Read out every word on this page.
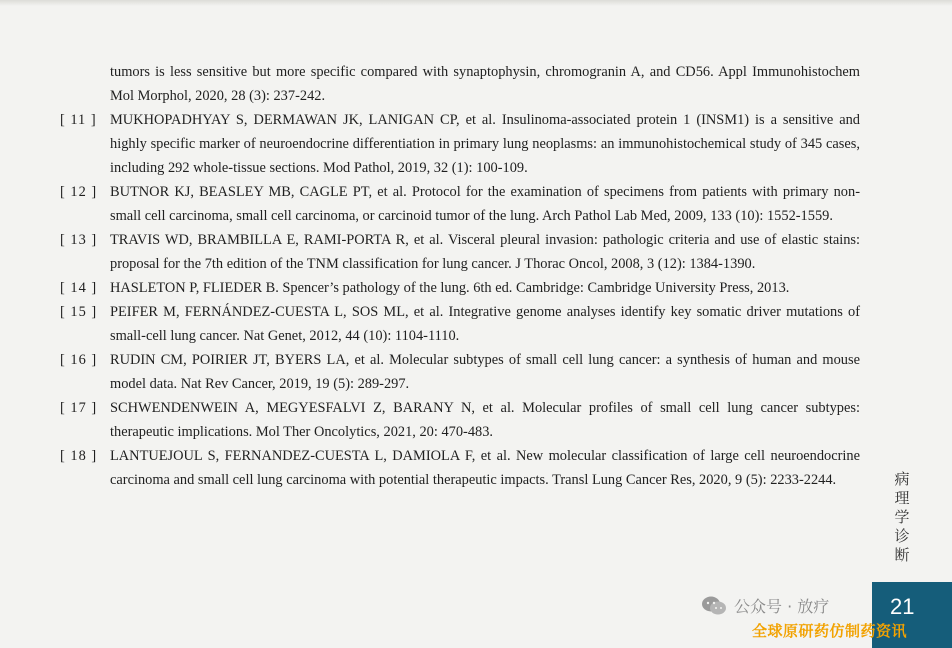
tumors is less sensitive but more specific compared with synaptophysin, chromogranin A, and CD56. Appl Immunohistochem Mol Morphol, 2020, 28 (3): 237-242.
[ 11 ] MUKHOPADHYAY S, DERMAWAN JK, LANIGAN CP, et al. Insulinoma-associated protein 1 (INSM1) is a sensitive and highly specific marker of neuroendocrine differentiation in primary lung neoplasms: an immunohistochemical study of 345 cases, including 292 whole-tissue sections. Mod Pathol, 2019, 32 (1): 100-109.
[ 12 ] BUTNOR KJ, BEASLEY MB, CAGLE PT, et al. Protocol for the examination of specimens from patients with primary non-small cell carcinoma, small cell carcinoma, or carcinoid tumor of the lung. Arch Pathol Lab Med, 2009, 133 (10): 1552-1559.
[ 13 ] TRAVIS WD, BRAMBILLA E, RAMI-PORTA R, et al. Visceral pleural invasion: pathologic criteria and use of elastic stains: proposal for the 7th edition of the TNM classification for lung cancer. J Thorac Oncol, 2008, 3 (12): 1384-1390.
[ 14 ] HASLETON P, FLIEDER B. Spencer’s pathology of the lung. 6th ed. Cambridge: Cambridge University Press, 2013.
[ 15 ] PEIFER M, FERNÁNDEZ-CUESTA L, SOS ML, et al. Integrative genome analyses identify key somatic driver mutations of small-cell lung cancer. Nat Genet, 2012, 44 (10): 1104-1110.
[ 16 ] RUDIN CM, POIRIER JT, BYERS LA, et al. Molecular subtypes of small cell lung cancer: a synthesis of human and mouse model data. Nat Rev Cancer, 2019, 19 (5): 289-297.
[ 17 ] SCHWENDENWEIN A, MEGYESFALVI Z, BARANY N, et al. Molecular profiles of small cell lung cancer subtypes: therapeutic implications. Mol Ther Oncolytics, 2021, 20: 470-483.
[ 18 ] LANTUEJOUL S, FERNANDEZ-CUESTA L, DAMIOLA F, et al. New molecular classification of large cell neuroendocrine carcinoma and small cell lung carcinoma with potential therapeutic impacts. Transl Lung Cancer Res, 2020, 9 (5): 2233-2244.	病
理
学
诊
断
21
公众号 · 放疗
全球原研药仿制药资讯
